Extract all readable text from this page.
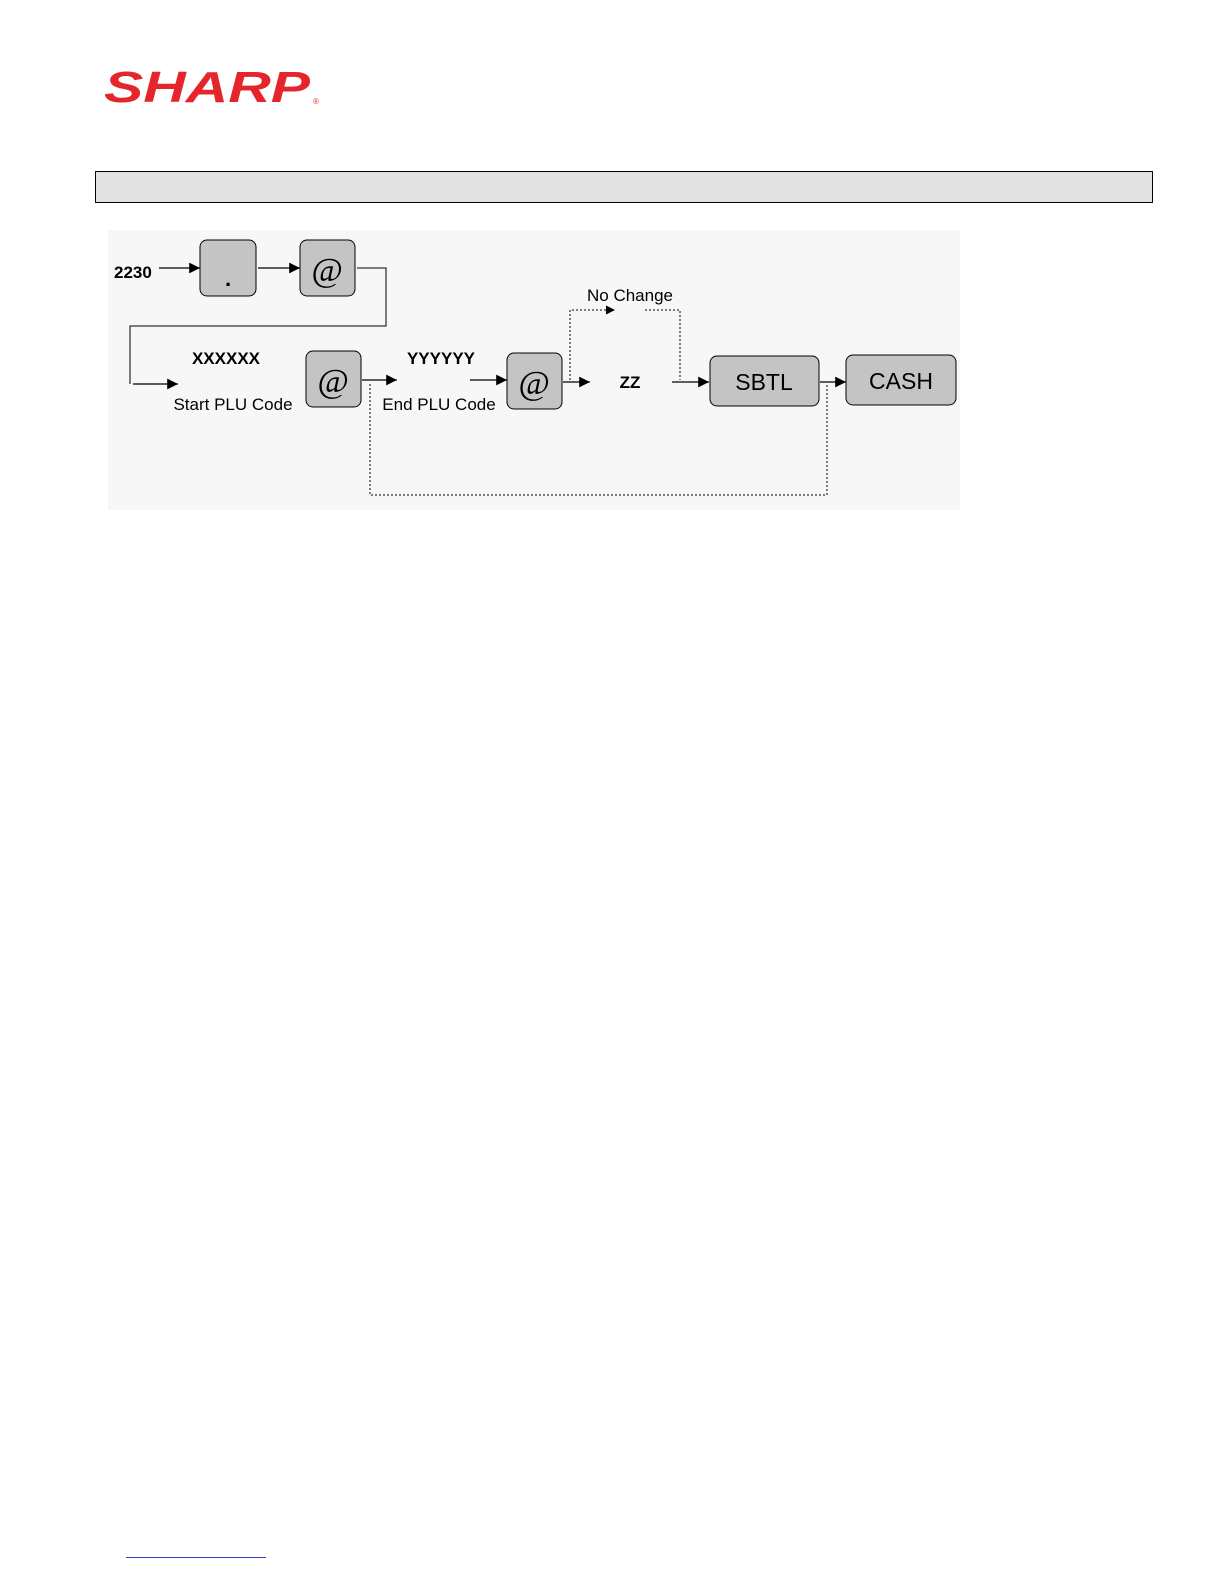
SHARP ®
2230	. @
XXXXXX
Start PLU Code
@
YYYYYY
End PLU Code
@	ZZ
No Change
SBTL	CASH
